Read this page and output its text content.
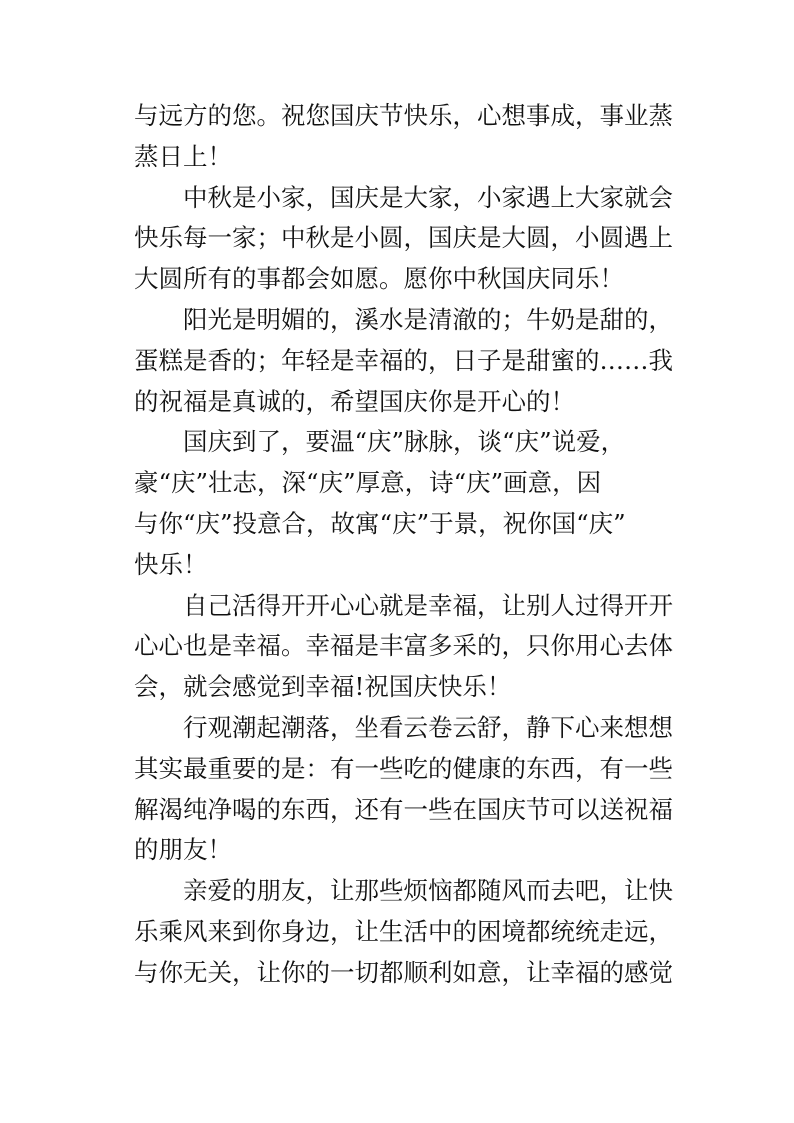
与远方的您。祝您国庆节快乐，心想事成，事业蒸
蒸日上！
中秋是小家，国庆是大家，小家遇上大家就会
快乐每一家；中秋是小圆，国庆是大圆，小圆遇上
大圆所有的事都会如愿。愿你中秋国庆同乐！
阳光是明媚的，溪水是清澈的；牛奶是甜的，
蛋糕是香的；年轻是幸福的，日子是甜蜜的……我
的祝福是真诚的，希望国庆你是开心的！
国庆到了，要温“庆”脉脉，谈“庆”说爱，
豪“庆”壮志，深“庆”厚意，诗“庆”画意，因
与你“庆”投意合，故寓“庆”于景，祝你国“庆”
快乐！
自己活得开开心心就是幸福，让别人过得开开
心心也是幸福。幸福是丰富多采的，只你用心去体
会，就会感觉到幸福!祝国庆快乐！
行观潮起潮落，坐看云卷云舒，静下心来想想
其实最重要的是：有一些吃的健康的东西，有一些
解渴纯净喝的东西，还有一些在国庆节可以送祝福
的朋友！
亲爱的朋友，让那些烦恼都随风而去吧，让快
乐乘风来到你身边，让生活中的困境都统统走远，
与你无关，让你的一切都顺利如意，让幸福的感觉
